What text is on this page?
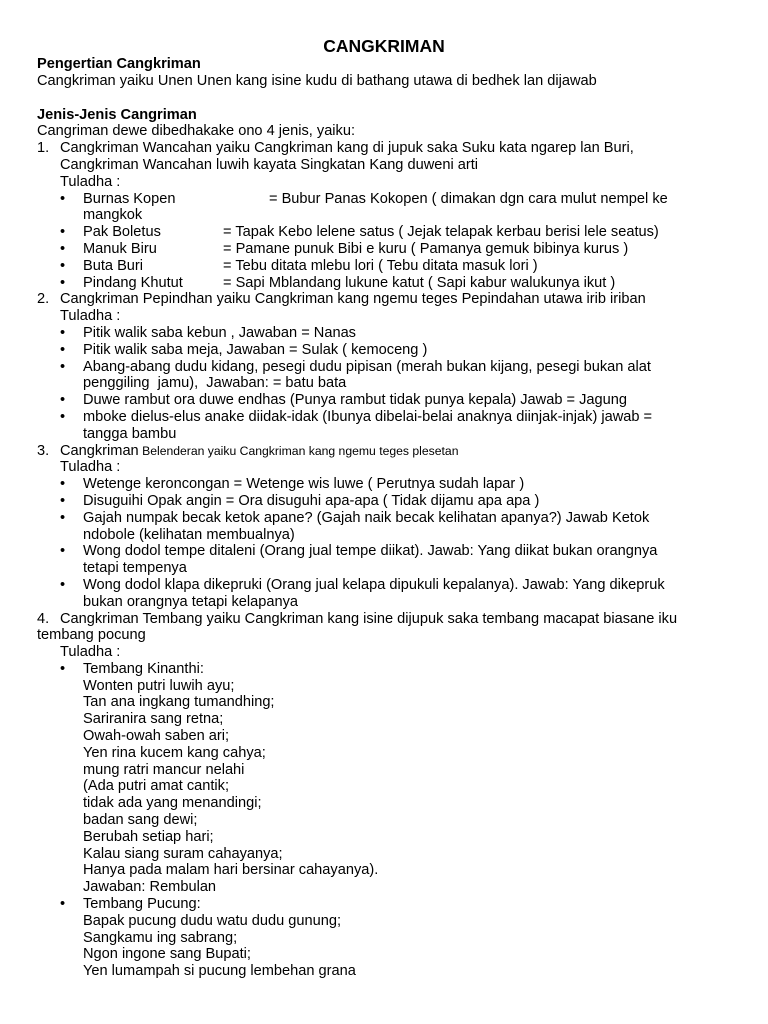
CANGKRIMAN
Pengertian Cangkriman
Cangkriman yaiku Unen Unen kang isine kudu di bathang utawa di bedhek lan dijawab
Jenis-Jenis Cangriman
Cangriman dewe dibedhakake ono 4 jenis, yaiku:
1. Cangkriman Wancahan yaiku Cangkriman kang di jupuk saka Suku kata ngarep lan Buri,
Cangkriman Wancahan luwih kayata Singkatan Kang duweni arti
Tuladha :
• Burnas Kopen	= Bubur Panas Kokopen ( dimakan dgn cara mulut nempel ke
mangkok
• Pak Boletus	= Tapak Kebo lelene satus ( Jejak telapak kerbau berisi lele seatus)
• Manuk Biru	= Pamane punuk Bibi e kuru ( Pamanya gemuk bibinya kurus )
• Buta Buri	= Tebu ditata mlebu lori ( Tebu ditata masuk lori )
• Pindang Khutut	= Sapi Mblandang lukune katut ( Sapi kabur walukunya ikut )
2. Cangkriman Pepindhan yaiku Cangkriman kang ngemu teges Pepindahan utawa irib iriban
Tuladha :
• Pitik walik saba kebun , Jawaban = Nanas
• Pitik walik saba meja, Jawaban = Sulak ( kemoceng )
• Abang-abang dudu kidang, pesegi dudu pipisan (merah bukan kijang, pesegi bukan alat
penggiling  jamu),  Jawaban: = batu bata
• Duwe rambut ora duwe endhas (Punya rambut tidak punya kepala) Jawab = Jagung
• mboke dielus-elus anake diidak-idak (Ibunya dibelai-belai anaknya diinjak-injak) jawab =
tangga bambu
3. Cangkriman Belenderan yaiku Cangkriman kang ngemu teges plesetan
Tuladha :
• Wetenge keroncongan = Wetenge wis luwe ( Perutnya sudah lapar )
• Disuguihi Opak angin = Ora disuguhi apa-apa ( Tidak dijamu apa apa )
• Gajah numpak becak ketok apane? (Gajah naik becak kelihatan apanya?) Jawab Ketok
ndobole (kelihatan membualnya)
• Wong dodol tempe ditaleni (Orang jual tempe diikat). Jawab: Yang diikat bukan orangnya
tetapi tempenya
• Wong dodol klapa dikepruki (Orang jual kelapa dipukuli kepalanya). Jawab: Yang dikepruk
bukan orangnya tetapi kelapanya
4. Cangkriman Tembang yaiku Cangkriman kang isine dijupuk saka tembang macapat biasane iku
tembang pocung
Tuladha :
• Tembang Kinanthi:
Wonten putri luwih ayu;
Tan ana ingkang tumandhing;
Sariranira sang retna;
Owah-owah saben ari;
Yen rina kucem kang cahya;
mung ratri mancur nelahi
(Ada putri amat cantik;
tidak ada yang menandingi;
badan sang dewi;
Berubah setiap hari;
Kalau siang suram cahayanya;
Hanya pada malam hari bersinar cahayanya).
Jawaban: Rembulan
• Tembang Pucung:
Bapak pucung dudu watu dudu gunung;
Sangkamu ing sabrang;
Ngon ingone sang Bupati;
Yen lumampah si pucung lembehan grana
